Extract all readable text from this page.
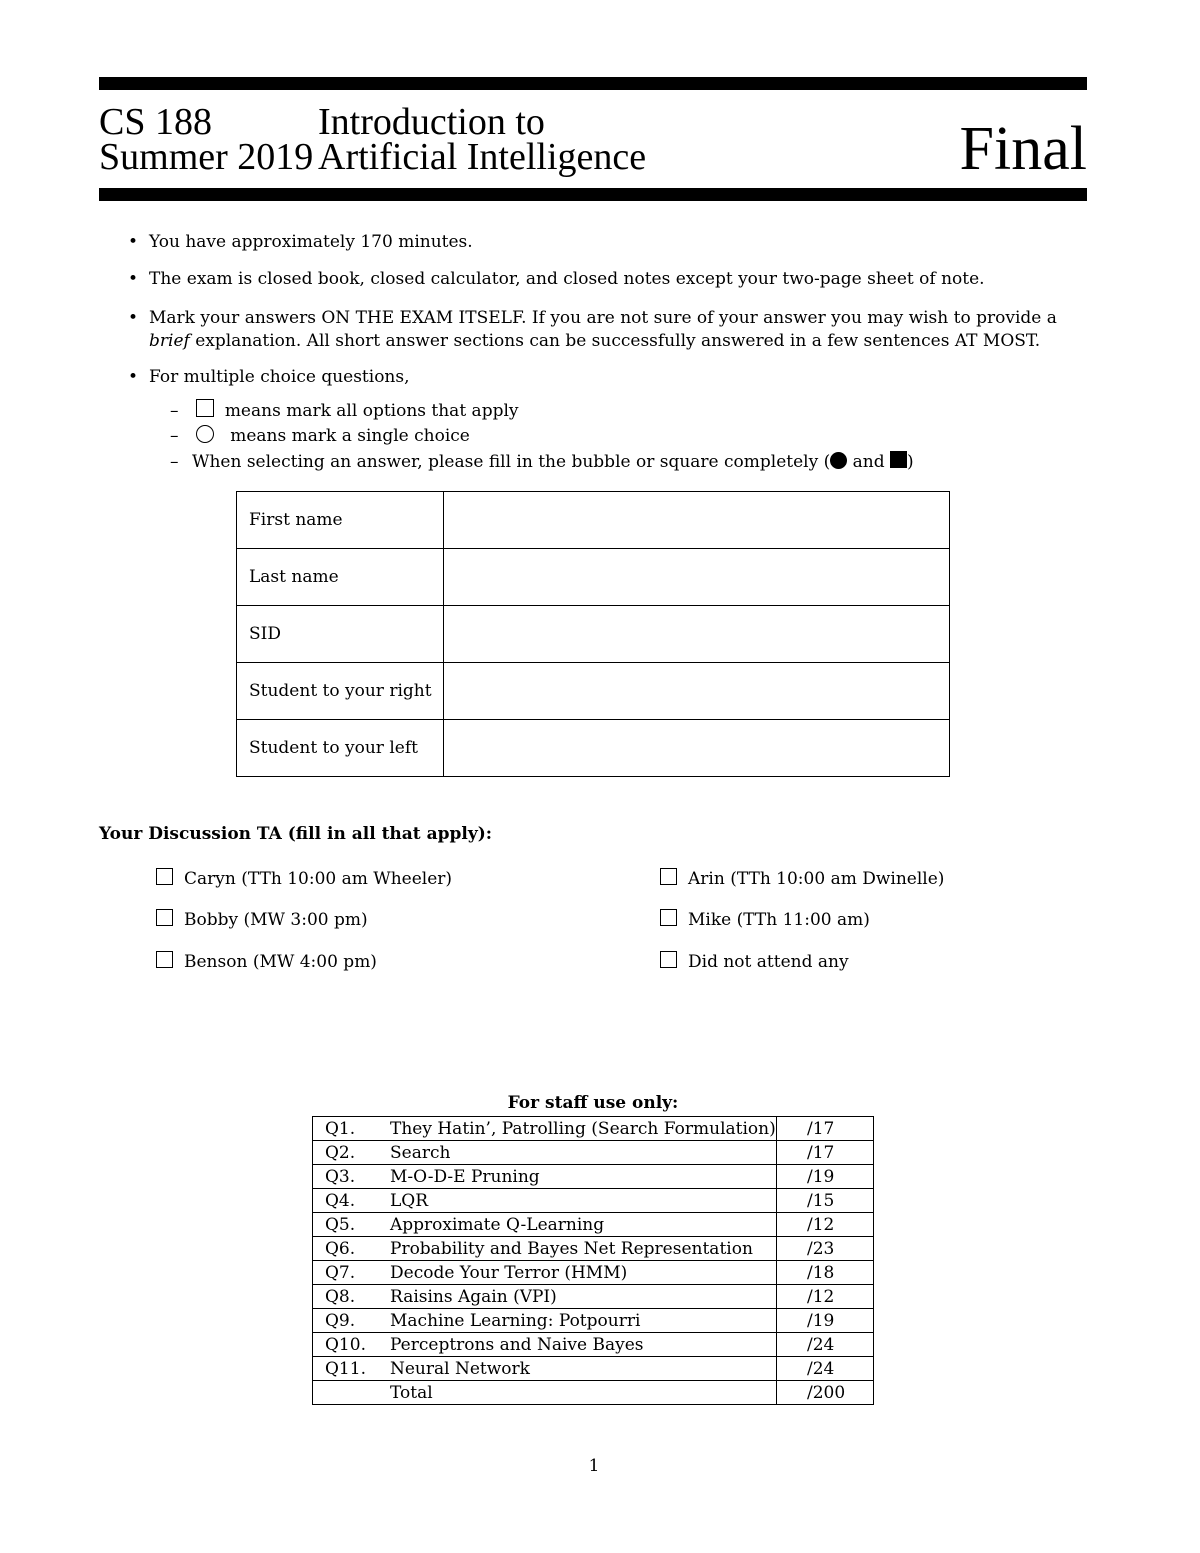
CS 188
Summer 2019
Introduction to
Artificial Intelligence	Final
• You have approximately 170 minutes.
• The exam is closed book, closed calculator, and closed notes except your two-page sheet of note.
• Mark your answers ON THE EXAM ITSELF. If you are not sure of your answer you may wish to provide a
brief explanation. All short answer sections can be successfully answered in a few sentences AT MOST.
• For multiple choice questions,
–	means mark all options that apply
–	means mark a single choice
– When selecting an answer, please fill in the bubble or square completely ( and )
First name	
Last name	
SID	
Student to your right	
Student to your left	
Your Discussion TA (fill in all that apply):
Caryn (TTh 10:00 am Wheeler)
Bobby (MW 3:00 pm)
Benson (MW 4:00 pm)
Arin (TTh 10:00 am Dwinelle)
Mike (TTh 11:00 am)
Did not attend any
For staff use only:
Q1.	They Hatin’, Patrolling (Search Formulation)	/17
Q2.	Search	/17
Q3.	M-O-D-E Pruning	/19
Q4.	LQR	/15
Q5.	Approximate Q-Learning	/12
Q6.	Probability and Bayes Net Representation	/23
Q7.	Decode Your Terror (HMM)	/18
Q8.	Raisins Again (VPI)	/12
Q9.	Machine Learning: Potpourri	/19
Q10.	Perceptrons and Naive Bayes	/24
Q11.	Neural Network	/24
	Total	/200
1
